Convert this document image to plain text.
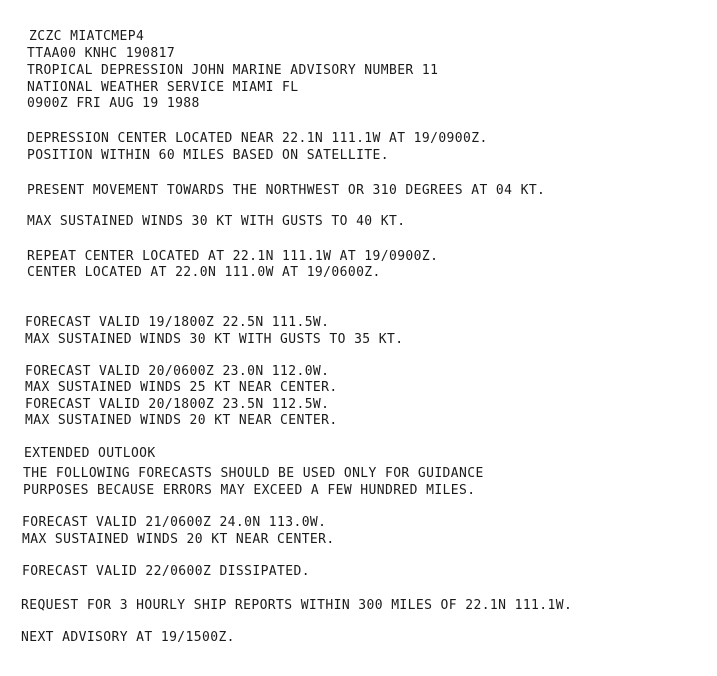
ZCZC MIATCMEP4
TTAA00 KNHC 190817
TROPICAL DEPRESSION JOHN MARINE ADVISORY NUMBER 11
NATIONAL WEATHER SERVICE MIAMI FL
0900Z FRI AUG 19 1988
DEPRESSION CENTER LOCATED NEAR 22.1N 111.1W AT 19/0900Z.
POSITION WITHIN 60 MILES BASED ON SATELLITE.
PRESENT MOVEMENT TOWARDS THE NORTHWEST OR 310 DEGREES AT 04 KT.
MAX SUSTAINED WINDS 30 KT WITH GUSTS TO 40 KT.
REPEAT CENTER LOCATED AT 22.1N 111.1W AT 19/0900Z.
CENTER LOCATED AT 22.0N 111.0W AT 19/0600Z.
FORECAST VALID 19/1800Z 22.5N 111.5W.
MAX SUSTAINED WINDS 30 KT WITH GUSTS TO 35 KT.
FORECAST VALID 20/0600Z 23.0N 112.0W.
MAX SUSTAINED WINDS 25 KT NEAR CENTER.
FORECAST VALID 20/1800Z 23.5N 112.5W.
MAX SUSTAINED WINDS 20 KT NEAR CENTER.
EXTENDED OUTLOOK
THE FOLLOWING FORECASTS SHOULD BE USED ONLY FOR GUIDANCE
PURPOSES BECAUSE ERRORS MAY EXCEED A FEW HUNDRED MILES.
FORECAST VALID 21/0600Z 24.0N 113.0W.
MAX SUSTAINED WINDS 20 KT NEAR CENTER.
FORECAST VALID 22/0600Z DISSIPATED.
REQUEST FOR 3 HOURLY SHIP REPORTS WITHIN 300 MILES OF 22.1N 111.1W.
NEXT ADVISORY AT 19/1500Z.
